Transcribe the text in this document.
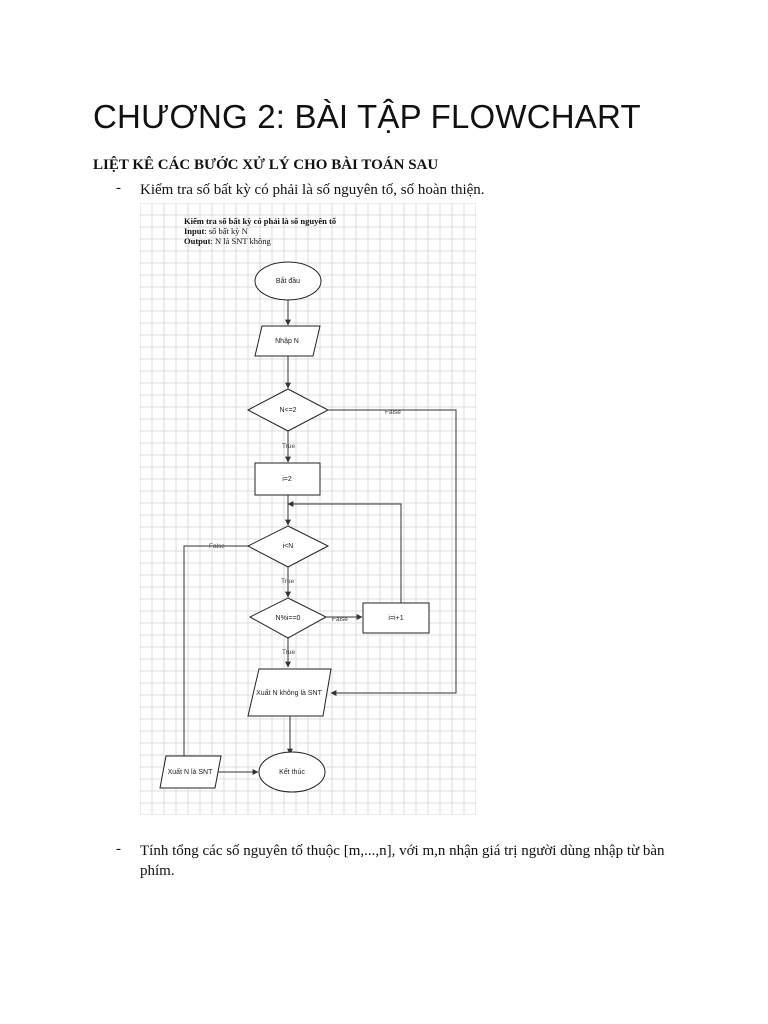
CHƯƠNG 2: BÀI TẬP FLOWCHART
LIỆT KÊ CÁC BƯỚC XỬ LÝ CHO BÀI TOÁN SAU
- Kiểm tra số bất kỳ có phải là số nguyên tố, số hoàn thiện.
Kiểm tra số bất kỳ có phải là số nguyên tố
Input: số bất kỳ N
Output: N là SNT không
False
True
False
True
False
True
Bắt đầu
Nhập N
N<=2
i=2
i<N
N%i==0	i=i+1
Xuất N không là SNT
Xuất N là SNT	Kết thúc
- Tính tổng các số nguyên tố thuộc [m,...,n], với m,n nhận giá trị người dùng nhập từ bàn phím.
